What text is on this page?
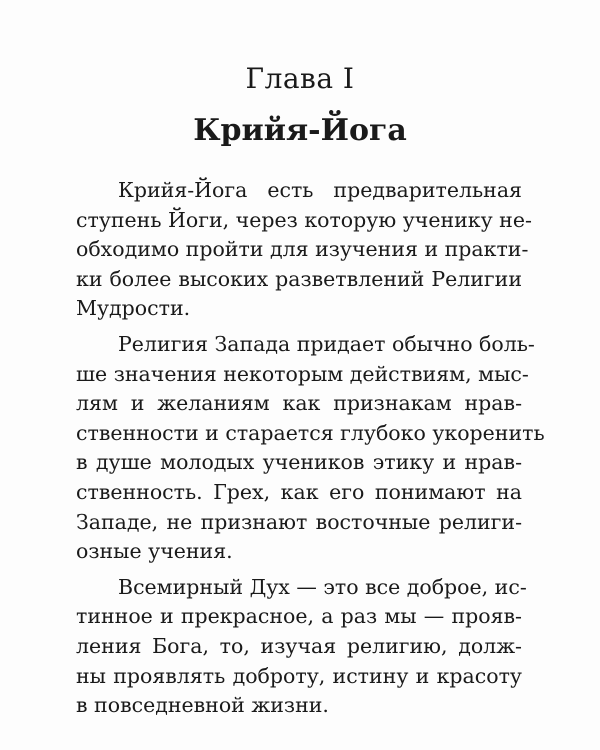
Глава I
Крийя-Йога
Крийя-Йога есть предварительная
ступень Йоги, через которую ученику не-
обходимо пройти для изучения и практи-
ки более высоких разветвлений Религии
Мудрости.
Религия Запада придает обычно боль-
ше значения некоторым действиям, мыс-
лям и желаниям как признакам нрав-
ственности и старается глубоко укоренить
в душе молодых учеников этику и нрав-
ственность. Грех, как его понимают на
Западе, не признают восточные религи-
озные учения.
Всемирный Дух — это все доброе, ис-
тинное и прекрасное, а раз мы — прояв-
ления Бога, то, изучая религию, долж-
ны проявлять доброту, истину и красоту
в повседневной жизни.
